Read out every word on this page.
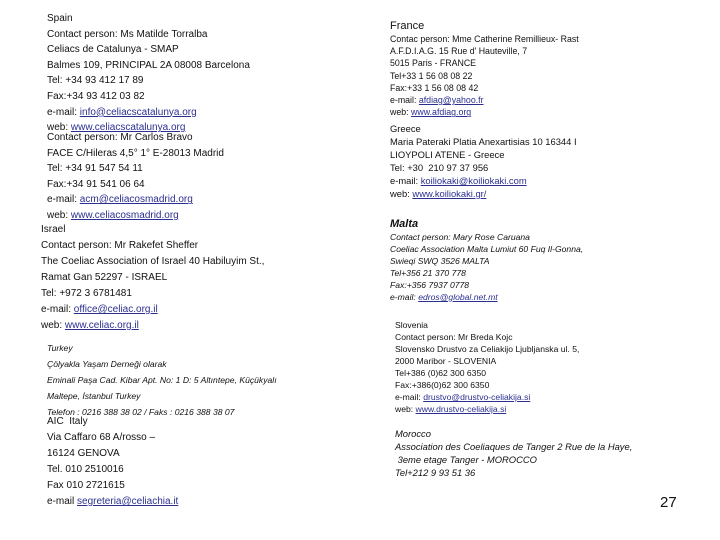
Spain
Contact person: Ms Matilde Torralba
Celiacs de Catalunya - SMAP
Balmes 109, PRINCIPAL 2A 08008 Barcelona
Tel: +34 93 412 17 89
Fax:+34 93 412 03 82
e-mail: info@celiacscatalunya.org
web: www.celiacscatalunya.org
Contact person: Mr Carlos Bravo
FACE C/Hileras 4,5° 1° E-28013 Madrid
Tel: +34 91 547 54 11
Fax:+34 91 541 06 64
e-mail: acm@celiacosmadrid.org
web: www.celiacosmadrid.org
Israel
Contact person: Mr Rakefet Sheffer
The Coeliac Association of Israel 40 Habiluyim St.,
Ramat Gan 52297 - ISRAEL
Tel: +972 3 6781481
e-mail: office@celiac.org.il
web: www.celiac.org.il
Turkey
Çölyakla Yaşam Derneği olarak
Eminali Paşa Cad. Kibar Apt. No: 1 D: 5 Altıntepe, Küçükyalı
Maltepe, İstanbul Turkey
Telefon : 0216 388 38 02 / Faks : 0216 388 38 07
AIC  Italy
Via Caffaro 68 A/rosso –
16124 GENOVA
Tel. 010 2510016
Fax 010 2721615
e-mail segreteria@celiachia.it
France
Contac person: Mme Catherine Remillieux- Rast
A.F.D.I.A.G. 15 Rue d' Hauteville, 7
5015 Paris - FRANCE
Tel+33 1 56 08 08 22
Fax:+33 1 56 08 08 42
e-mail: afdiag@yahoo.fr
web: www.afdiag.org
Greece
Maria Pateraki Platia Anexartisias 10 16344 I
LIOYPOLI ATENE - Greece
Tel: +30  210 97 37 956
e-mail: koiliokaki@koiliokaki.com
web: www.koiliokaki.gr/
Malta
Contact person: Mary Rose Caruana
Coeliac Association Malta Lumiut 60 Fuq Il-Gonna,
Swieqi SWQ 3526 MALTA
Tel+356 21 370 778
Fax:+356 7937 0778
e-mail: edros@global.net.mt
Slovenia
Contact person: Mr Breda Kojc
Slovensko Drustvo za Celiakijo Ljubljanska ul. 5,
2000 Maribor - SLOVENIA
Tel+386 (0)62 300 6350
Fax:+386(0)62 300 6350
e-mail: drustvo@drustvo-celiakija.si
web: www.drustvo-celiakija.si
Morocco
Association des Coeliaques de Tanger 2 Rue de la Haye,
3eme etage Tanger - MOROCCO
Tel+212 9 93 51 36
27
